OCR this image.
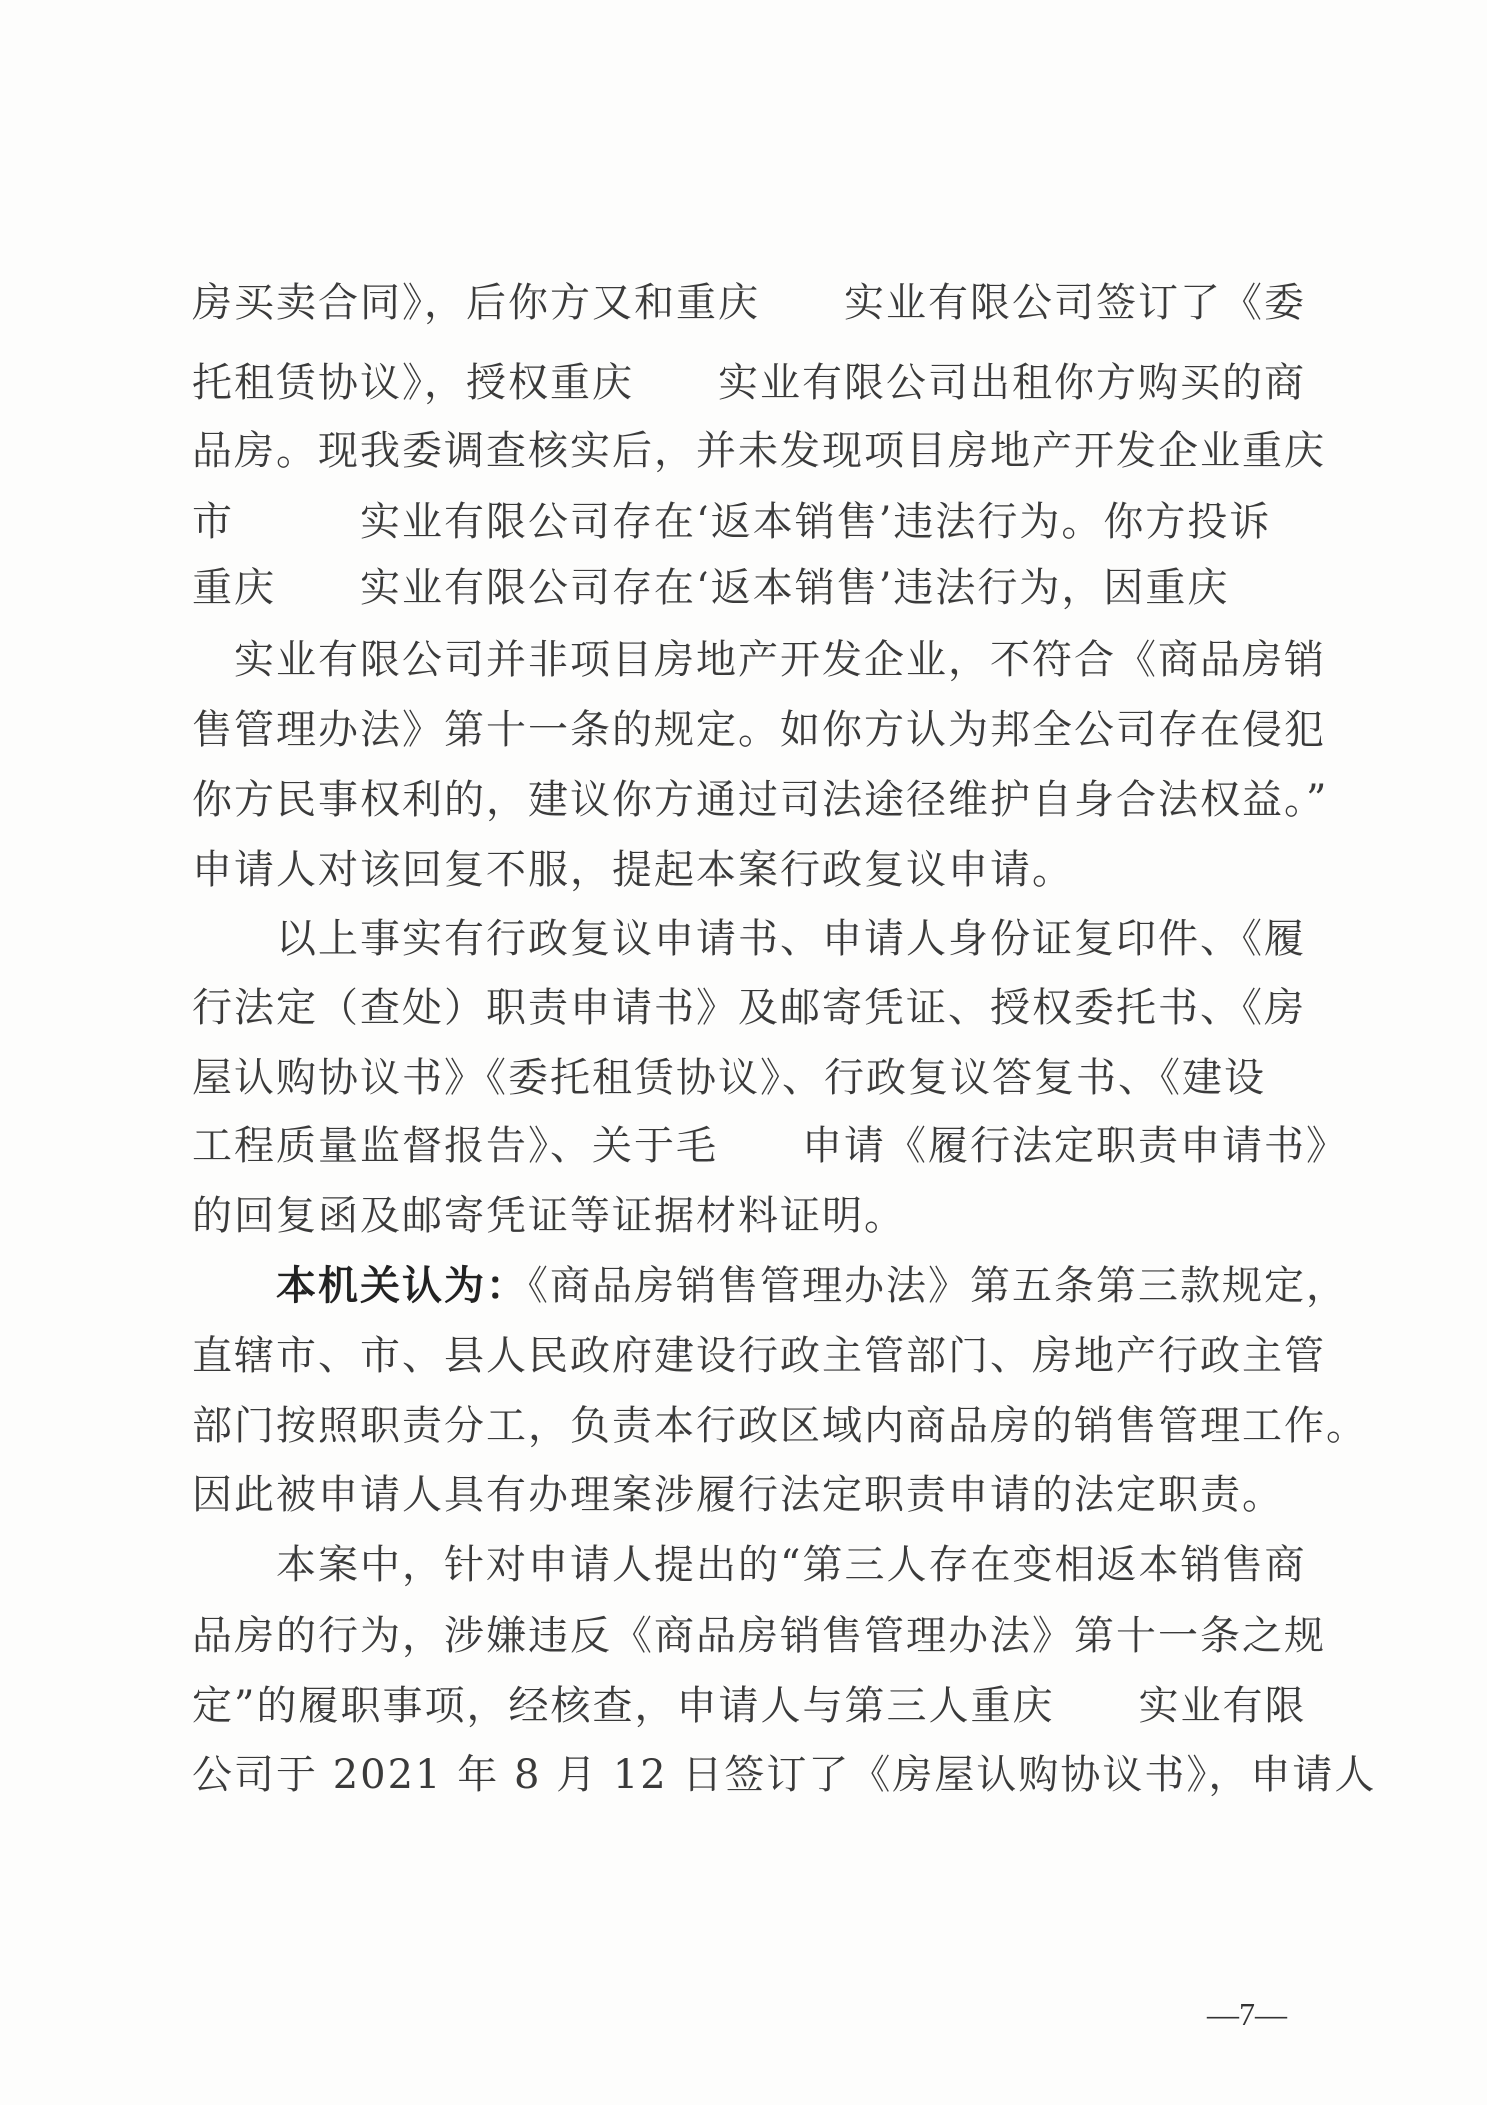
房买卖合同》，后你方又和重庆　　实业有限公司签订了《委
托租赁协议》，授权重庆　　实业有限公司出租你方购买的商
品房。现我委调查核实后，并未发现项目房地产开发企业重庆
市　　　实业有限公司存在‘返本销售’违法行为。你方投诉
重庆　　实业有限公司存在‘返本销售’违法行为，因重庆
　实业有限公司并非项目房地产开发企业，不符合《商品房销
售管理办法》第十一条的规定。如你方认为邦全公司存在侵犯
你方民事权利的，建议你方通过司法途径维护自身合法权益。”
申请人对该回复不服，提起本案行政复议申请。
　　以上事实有行政复议申请书、申请人身份证复印件、《履
行法定（查处）职责申请书》及邮寄凭证、授权委托书、《房
屋认购协议书》《委托租赁协议》、行政复议答复书、《建设
工程质量监督报告》、关于毛　　申请《履行法定职责申请书》
的回复函及邮寄凭证等证据材料证明。
　　本机关认为：《商品房销售管理办法》第五条第三款规定，
直辖市、市、县人民政府建设行政主管部门、房地产行政主管
部门按照职责分工，负责本行政区域内商品房的销售管理工作。
因此被申请人具有办理案涉履行法定职责申请的法定职责。
　　本案中，针对申请人提出的“第三人存在变相返本销售商
品房的行为，涉嫌违反《商品房销售管理办法》第十一条之规
定”的履职事项，经核查，申请人与第三人重庆　　实业有限
公司于 2021 年 8 月 12 日签订了《房屋认购协议书》，申请人
—7—
